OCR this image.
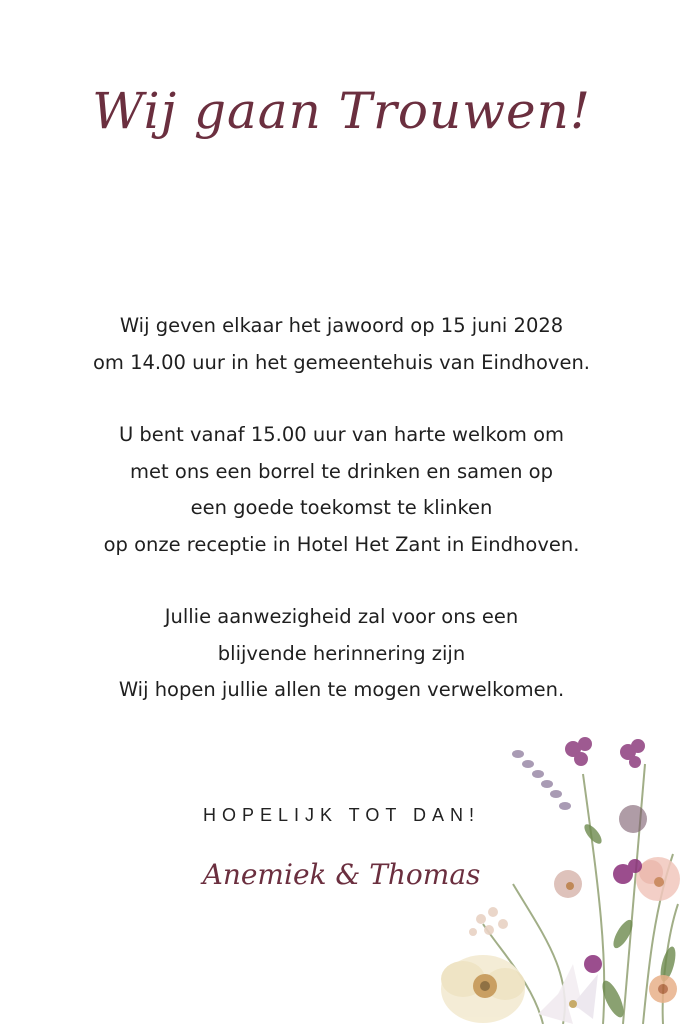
Wij gaan Trouwen!

Wij geven elkaar het jawoord op 15 juni 2028
om 14.00 uur in het gemeentehuis van Eindhoven.

U bent vanaf 15.00 uur van harte welkom om
met ons een borrel te drinken en samen op
een goede toekomst te klinken
op onze receptie in Hotel Het Zant in Eindhoven.

Jullie aanwezigheid zal voor ons een
blijvende herinnering zijn
Wij hopen jullie allen te mogen verwelkomen.

HOPELIJK TOT DAN!
Anemiek & Thomas
